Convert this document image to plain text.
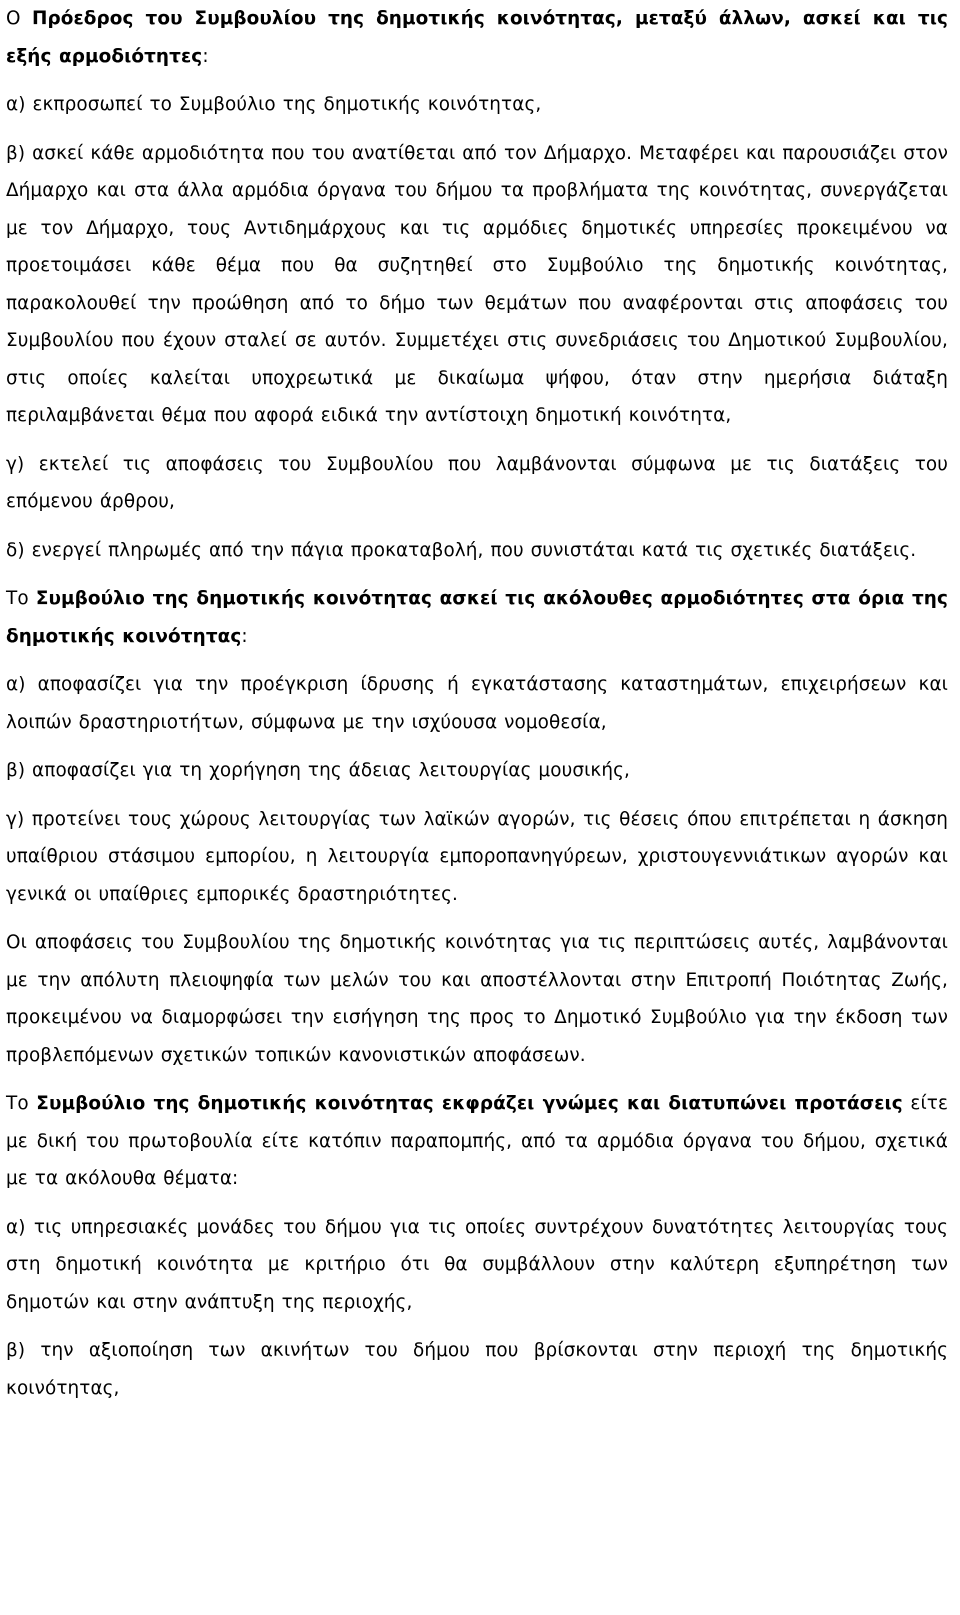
Ο Πρόεδρος του Συμβουλίου της δημοτικής κοινότητας, μεταξύ άλλων, ασκεί και τις εξής αρμοδιότητες:

α) εκπροσωπεί το Συμβούλιο της δημοτικής κοινότητας,

β) ασκεί κάθε αρμοδιότητα που του ανατίθεται από τον Δήμαρχο. Μεταφέρει και παρουσιάζει στον Δήμαρχο και στα άλλα αρμόδια όργανα του δήμου τα προβλήματα της κοινότητας, συνεργάζεται με τον Δήμαρχο, τους Αντιδημάρχους και τις αρμόδιες δημοτικές υπηρεσίες προκειμένου να προετοιμάσει κάθε θέμα που θα συζητηθεί στο Συμβούλιο της δημοτικής κοινότητας, παρακολουθεί την προώθηση από το δήμο των θεμάτων που αναφέρονται στις αποφάσεις του Συμβουλίου που έχουν σταλεί σε αυτόν. Συμμετέχει στις συνεδριάσεις του Δημοτικού Συμβουλίου, στις οποίες καλείται υποχρεωτικά με δικαίωμα ψήφου, όταν στην ημερήσια διάταξη περιλαμβάνεται θέμα που αφορά ειδικά την αντίστοιχη δημοτική κοινότητα,

γ) εκτελεί τις αποφάσεις του Συμβουλίου που λαμβάνονται σύμφωνα με τις διατάξεις του επόμενου άρθρου,

δ) ενεργεί πληρωμές από την πάγια προκαταβολή, που συνιστάται κατά τις σχετικές διατάξεις.

Το Συμβούλιο της δημοτικής κοινότητας ασκεί τις ακόλουθες αρμοδιότητες στα όρια της δημοτικής κοινότητας:

α) αποφασίζει για την προέγκριση ίδρυσης ή εγκατάστασης καταστημάτων, επιχειρήσεων και λοιπών δραστηριοτήτων, σύμφωνα με την ισχύουσα νομοθεσία,

β) αποφασίζει για τη χορήγηση της άδειας λειτουργίας μουσικής,

γ) προτείνει τους χώρους λειτουργίας των λαϊκών αγορών, τις θέσεις όπου επιτρέπεται η άσκηση υπαίθριου στάσιμου εμπορίου, η λειτουργία εμποροπανηγύρεων, χριστουγεννιάτικων αγορών και γενικά οι υπαίθριες εμπορικές δραστηριότητες.

Οι αποφάσεις του Συμβουλίου της δημοτικής κοινότητας για τις περιπτώσεις αυτές, λαμβάνονται με την απόλυτη πλειοψηφία των μελών του και αποστέλλονται στην Επιτροπή Ποιότητας Ζωής, προκειμένου να διαμορφώσει την εισήγηση της προς το Δημοτικό Συμβούλιο για την έκδοση των προβλεπόμενων σχετικών τοπικών κανονιστικών αποφάσεων.

Το Συμβούλιο της δημοτικής κοινότητας εκφράζει γνώμες και διατυπώνει προτάσεις είτε με δική του πρωτοβουλία είτε κατόπιν παραπομπής, από τα αρμόδια όργανα του δήμου, σχετικά με τα ακόλουθα θέματα:

α) τις υπηρεσιακές μονάδες του δήμου για τις οποίες συντρέχουν δυνατότητες λειτουργίας τους στη δημοτική κοινότητα με κριτήριο ότι θα συμβάλλουν στην καλύτερη εξυπηρέτηση των δημοτών και στην ανάπτυξη της περιοχής,

β) την αξιοποίηση των ακινήτων του δήμου που βρίσκονται στην περιοχή της δημοτικής κοινότητας,
